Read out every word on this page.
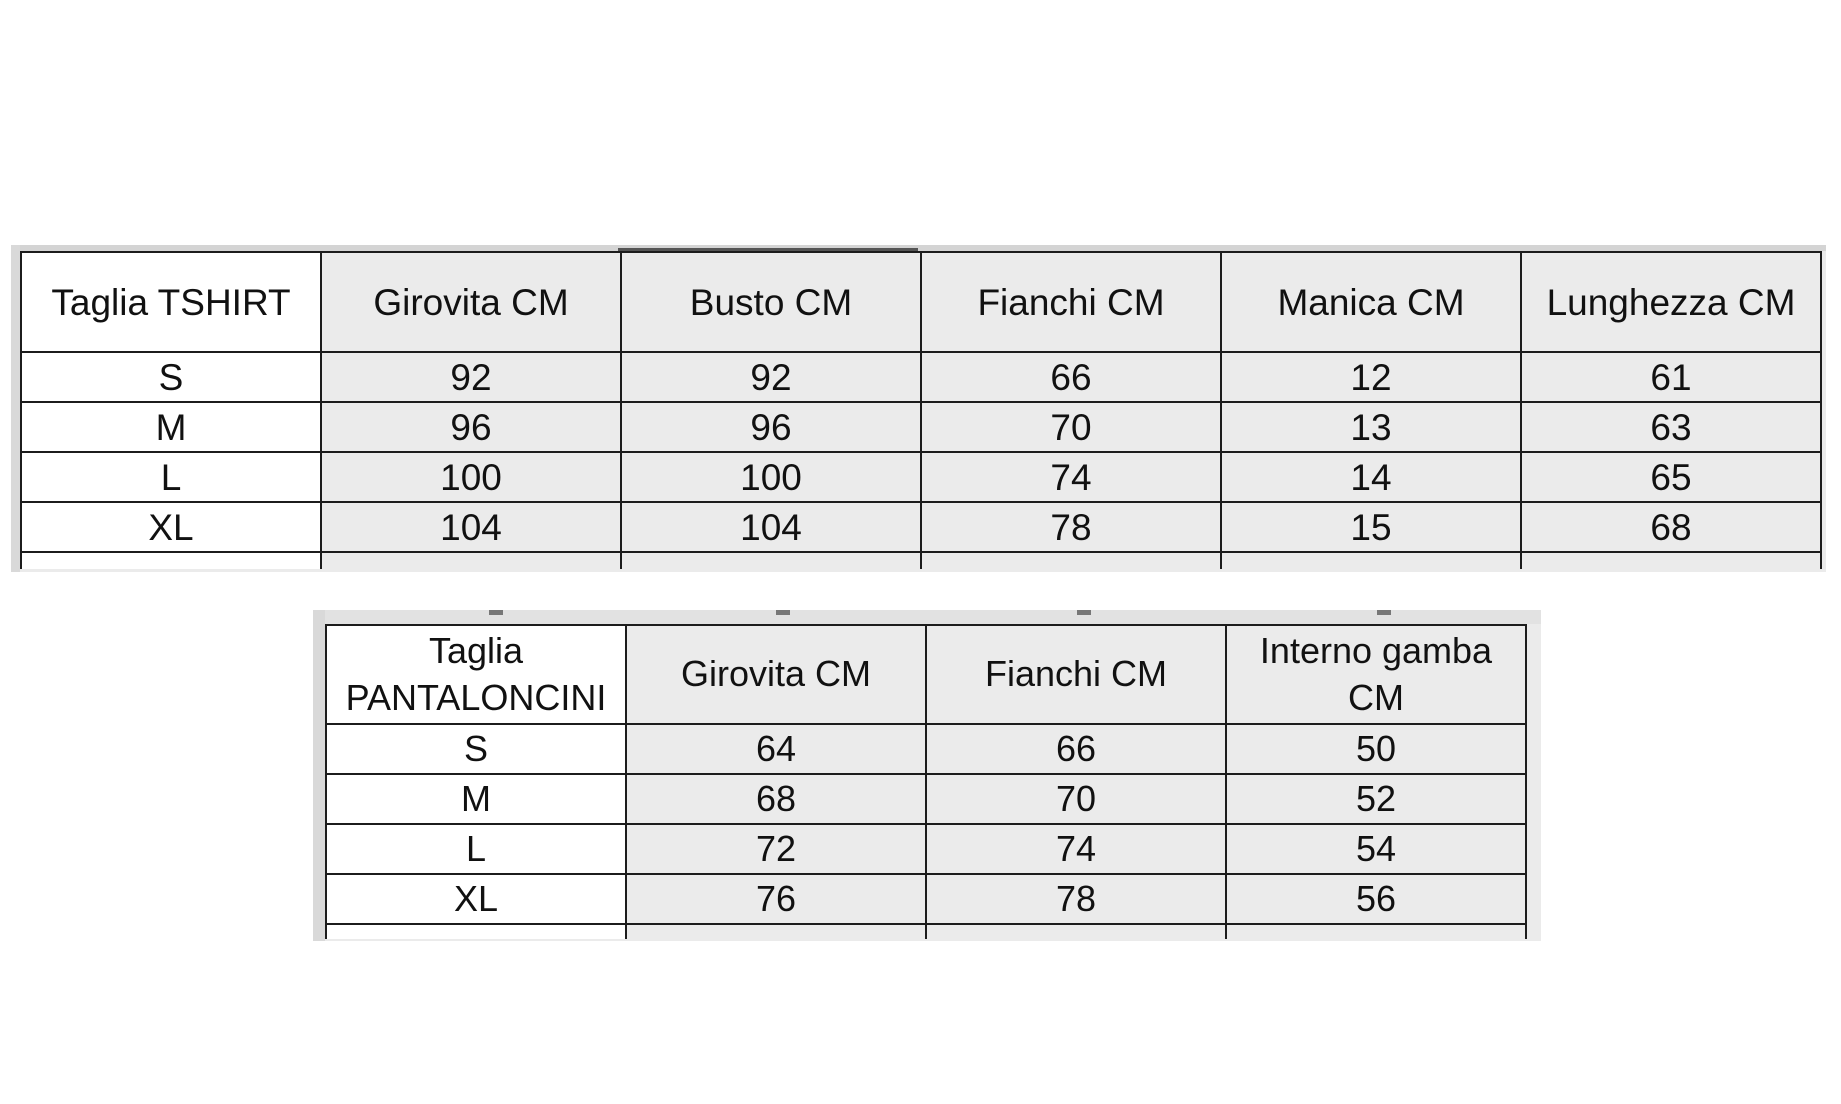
Taglia TSHIRT	Girovita CM	Busto CM	Fianchi CM	Manica CM	Lunghezza CM
S	92	92	66	12	61
M	96	96	70	13	63
L	100	100	74	14	65
XL	104	104	78	15	68

Taglia
PANTALONCINI	Girovita CM	Fianchi CM	Interno gamba
CM
S	64	66	50
M	68	70	52
L	72	74	54
XL	76	78	56
